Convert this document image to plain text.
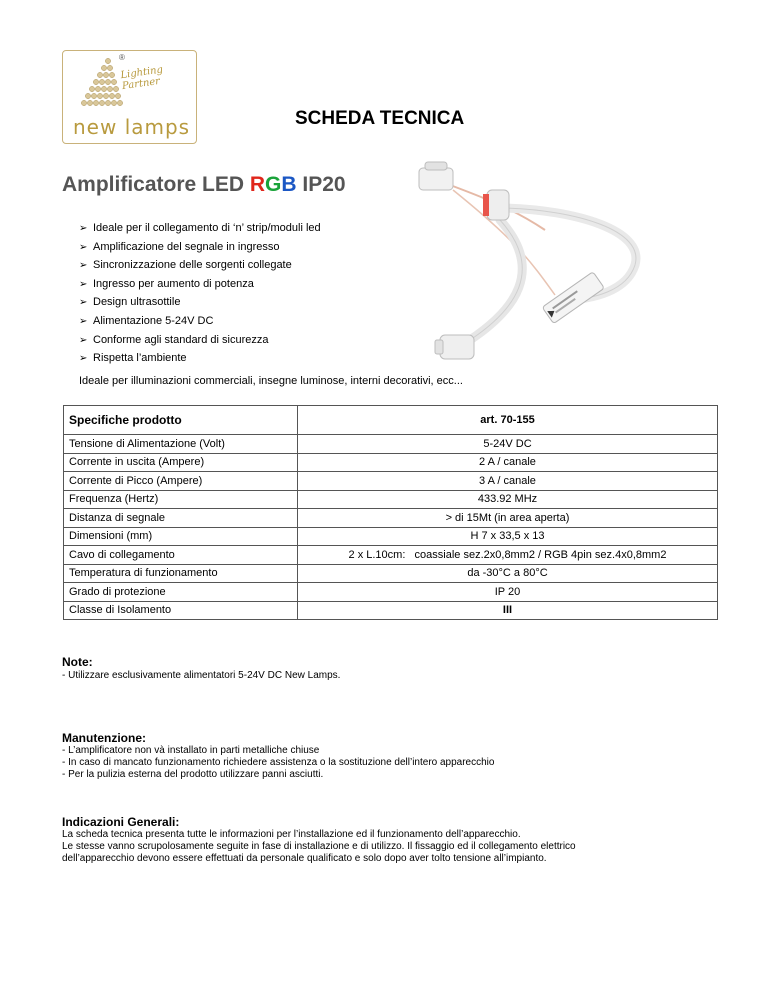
®
Lighting Partner
new lamps	SCHEDA TECNICA
Amplificatore LED RGB IP20
➢ Ideale per il collegamento di ‘n’ strip/moduli led
➢ Amplificazione del segnale in ingresso
➢ Sincronizzazione delle sorgenti collegate
➢ Ingresso per aumento di potenza
➢ Design ultrasottile
➢ Alimentazione 5-24V DC
➢ Conforme agli standard di sicurezza
➢ Rispetta l’ambiente
Ideale per illuminazioni commerciali, insegne luminose, interni decorativi, ecc...
Specifiche prodotto	art. 70-155
Tensione di Alimentazione (Volt)	5-24V DC
Corrente in uscita (Ampere)	2 A / canale
Corrente di Picco (Ampere)	3 A / canale
Frequenza (Hertz)	433.92 MHz
Distanza di segnale	> di 15Mt (in area aperta)
Dimensioni (mm)	H 7 x 33,5 x 13
Cavo di collegamento	2 x L.10cm:   coassiale sez.2x0,8mm2 / RGB 4pin sez.4x0,8mm2
Temperatura di funzionamento	da -30°C a 80°C
Grado di protezione	IP 20
Classe di Isolamento	III
Note:
- Utilizzare esclusivamente alimentatori 5-24V DC New Lamps.
Manutenzione:
- L’amplificatore non và installato in parti metalliche chiuse
- In caso di mancato funzionamento richiedere assistenza o la sostituzione dell’intero apparecchio
- Per la pulizia esterna del prodotto utilizzare panni asciutti.
Indicazioni Generali:
La scheda tecnica presenta tutte le informazioni per l’installazione ed il funzionamento dell’apparecchio.
Le stesse vanno scrupolosamente seguite in fase di installazione e di utilizzo. Il fissaggio ed il collegamento elettrico
dell’apparecchio devono essere effettuati da personale qualificato e solo dopo aver tolto tensione all’impianto.
